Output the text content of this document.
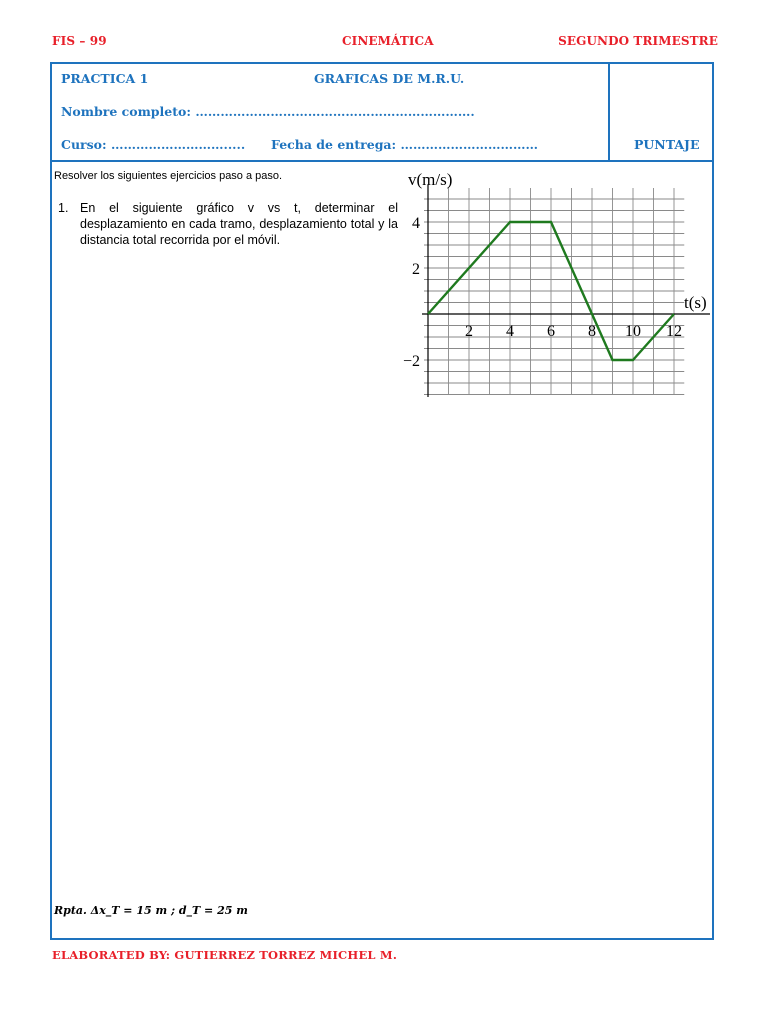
FIS – 99	CINEMÁTICA	SEGUNDO TRIMESTRE
PRACTICA 1	GRAFICAS DE M.R.U.
Nombre completo: ………………………………………………………….
Curso: ………………………..... Fecha de entrega: ……………………………	PUNTAJE
Resolver los siguientes ejercicios paso a paso.
1. En el siguiente gráfico v vs t, determinar el desplazamiento en cada tramo, desplazamiento total y la distancia total recorrida por el móvil.
Rpta. Δx_T = 15 m ; d_T = 25 m
2 4 6 8 10 12
4
2
−2
v(m/s)
t(s)
ELABORATED BY: GUTIERREZ TORREZ MICHEL M.
